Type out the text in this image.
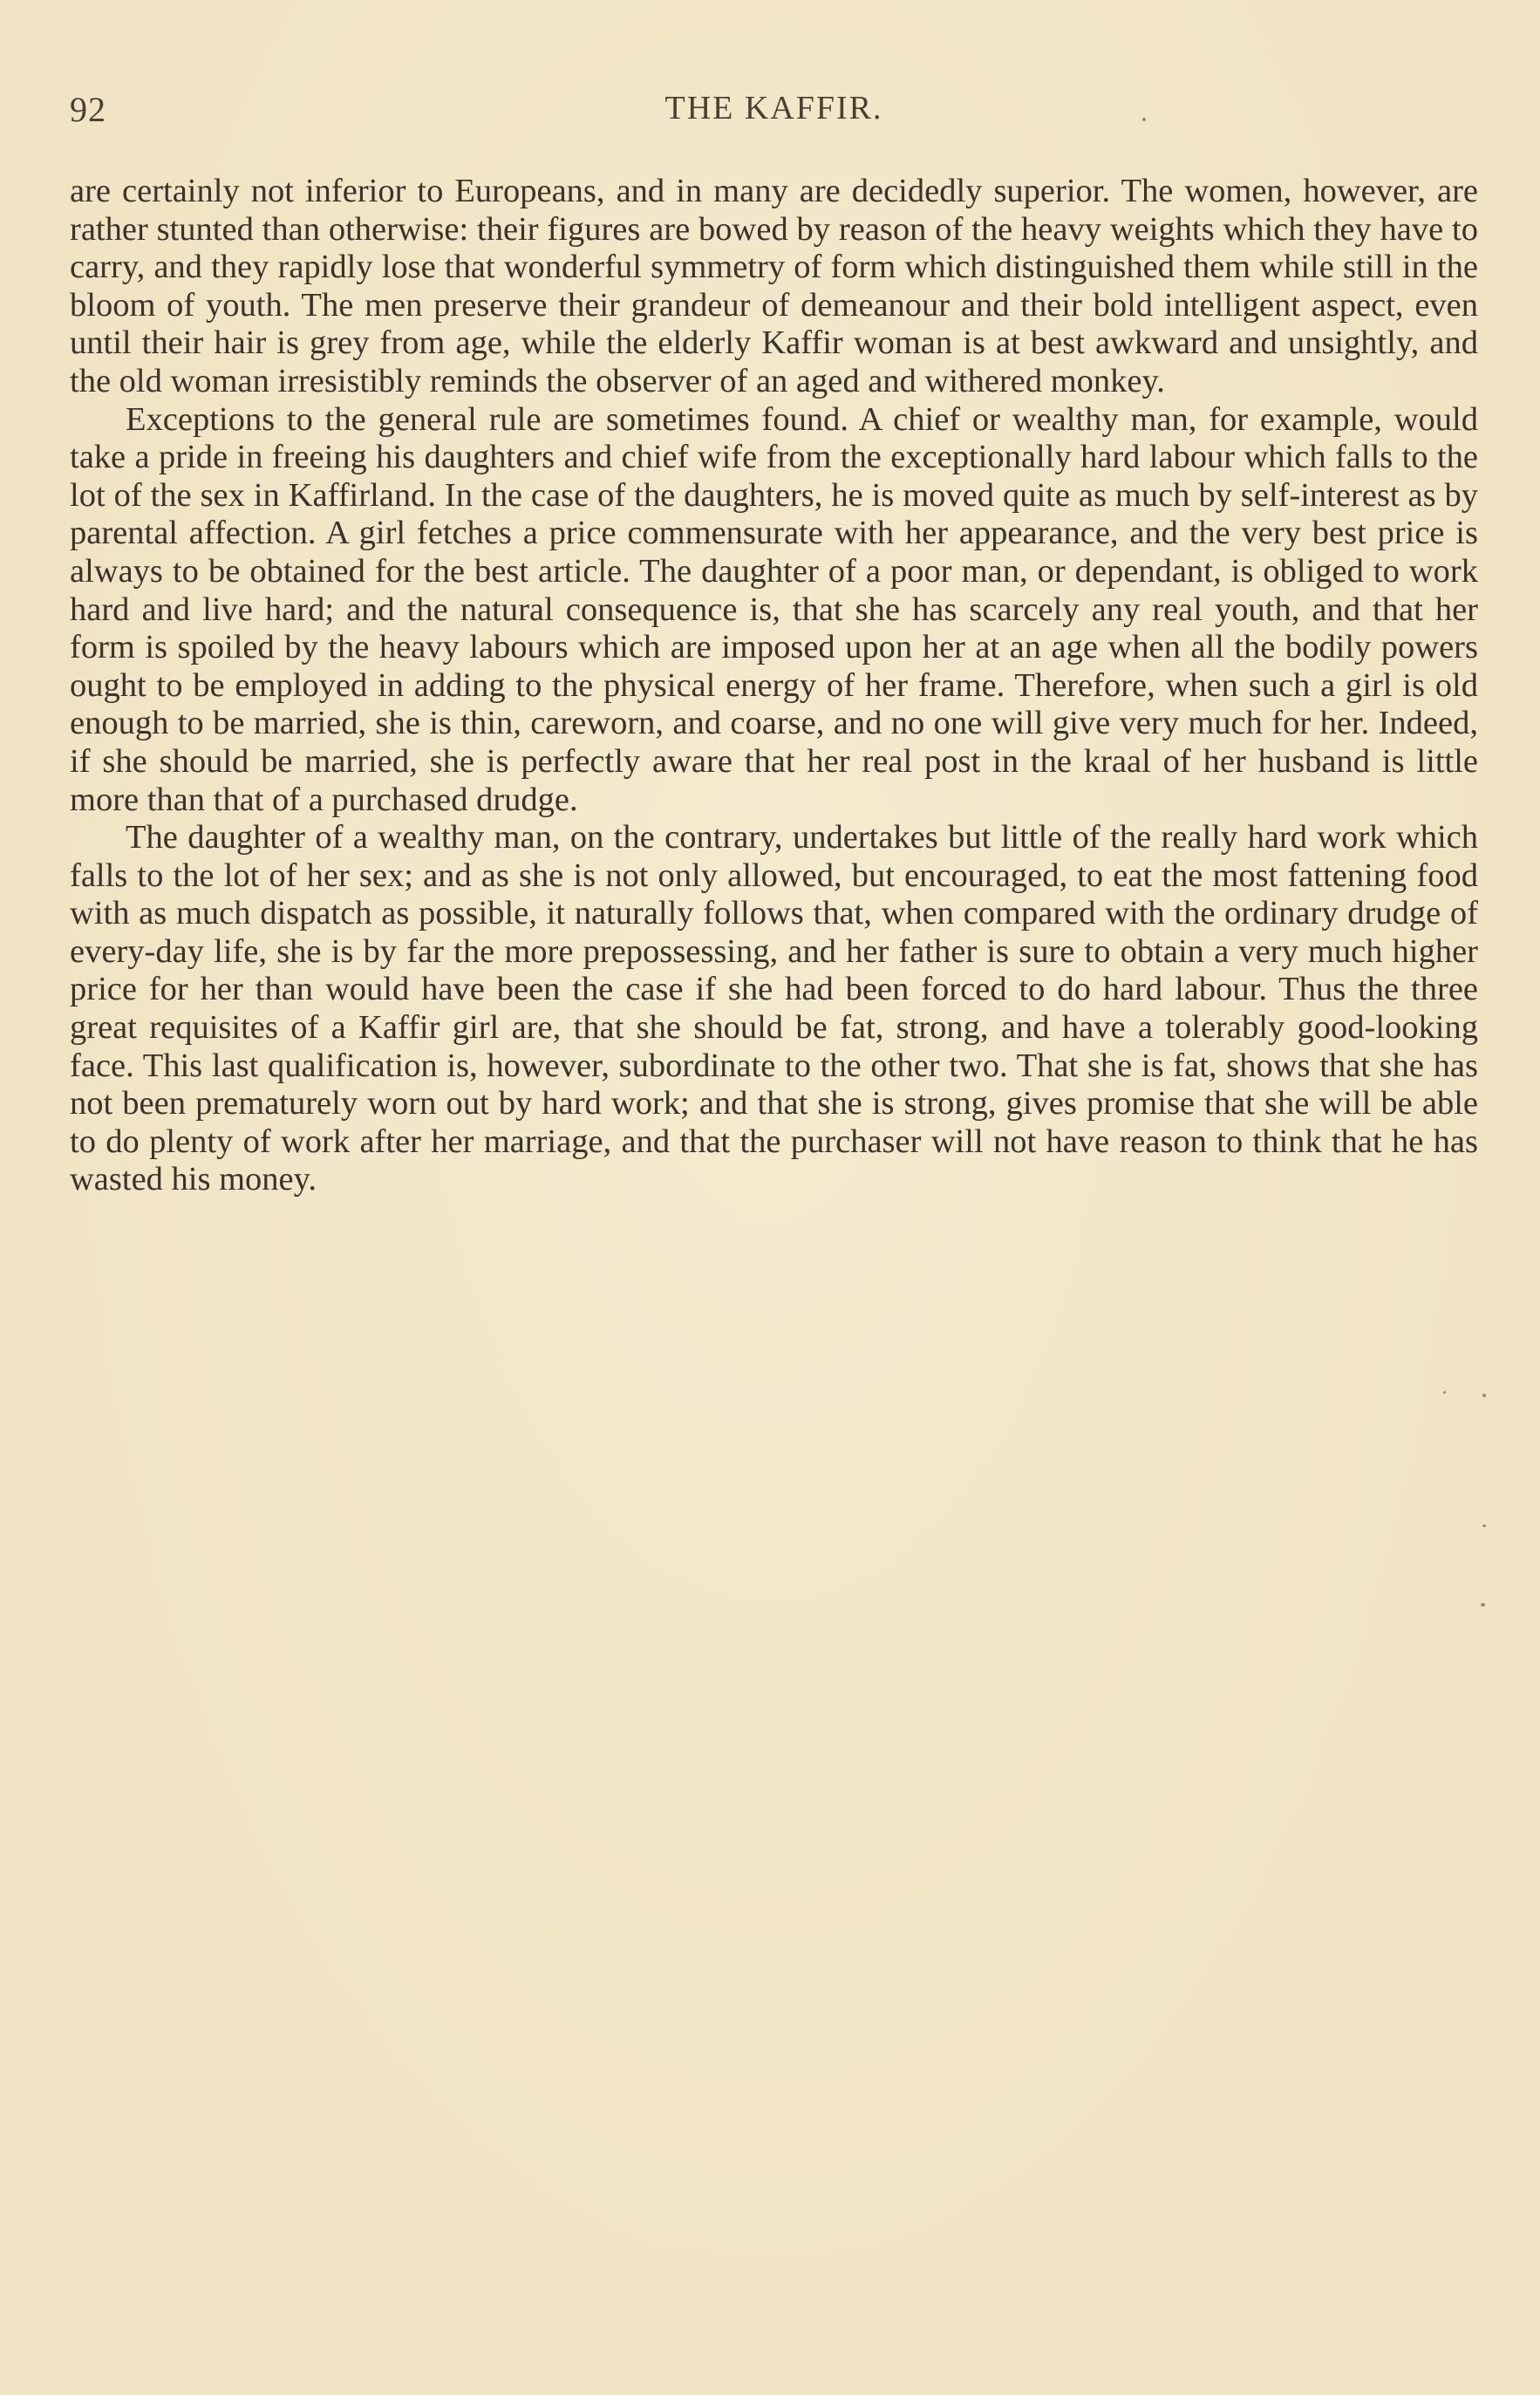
92	THE KAFFIR.

are certainly not inferior to Europeans, and in many are decidedly superior. The women, however, are rather stunted than otherwise: their figures are bowed by reason of the heavy weights which they have to carry, and they rapidly lose that wonderful symmetry of form which distinguished them while still in the bloom of youth. The men preserve their grandeur of demeanour and their bold intelligent aspect, even until their hair is grey from age, while the elderly Kaffir woman is at best awkward and unsightly, and the old woman irresistibly reminds the observer of an aged and withered monkey.

Exceptions to the general rule are sometimes found. A chief or wealthy man, for example, would take a pride in freeing his daughters and chief wife from the exceptionally hard labour which falls to the lot of the sex in Kaffirland. In the case of the daughters, he is moved quite as much by self-interest as by parental affection. A girl fetches a price commensurate with her appearance, and the very best price is always to be obtained for the best article. The daughter of a poor man, or dependant, is obliged to work hard and live hard; and the natural consequence is, that she has scarcely any real youth, and that her form is spoiled by the heavy labours which are imposed upon her at an age when all the bodily powers ought to be employed in adding to the physical energy of her frame. Therefore, when such a girl is old enough to be married, she is thin, careworn, and coarse, and no one will give very much for her. Indeed, if she should be married, she is perfectly aware that her real post in the kraal of her husband is little more than that of a purchased drudge.

The daughter of a wealthy man, on the contrary, undertakes but little of the really hard work which falls to the lot of her sex; and as she is not only allowed, but encouraged, to eat the most fattening food with as much dispatch as possible, it naturally follows that, when compared with the ordinary drudge of every-day life, she is by far the more prepossessing, and her father is sure to obtain a very much higher price for her than would have been the case if she had been forced to do hard labour. Thus the three great requisites of a Kaffir girl are, that she should be fat, strong, and have a tolerably good-looking face. This last qualification is, however, subordinate to the other two. That she is fat, shows that she has not been prematurely worn out by hard work; and that she is strong, gives promise that she will be able to do plenty of work after her marriage, and that the purchaser will not have reason to think that he has wasted his money.
